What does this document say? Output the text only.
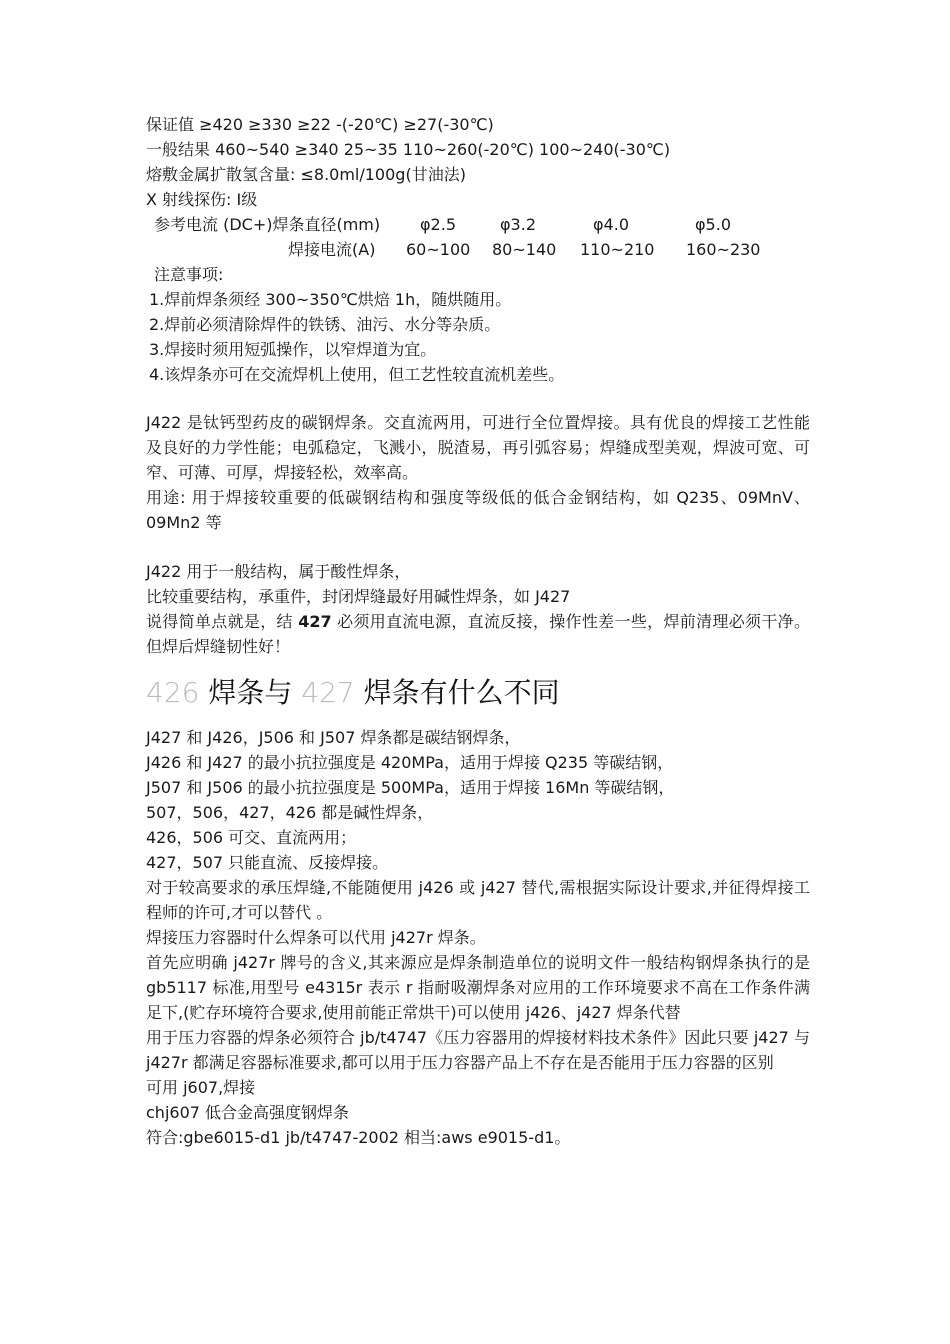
保证值 ≥420 ≥330 ≥22 -(-20℃) ≥27(-30℃)
一般结果 460~540 ≥340 25~35 110~260(-20℃) 100~240(-30℃)
熔敷金属扩散氢含量: ≤8.0ml/100g(甘油法)
X 射线探伤: Ⅰ级
参考电流 (DC+)焊条直径(mm)	φ2.5	φ3.2	φ4.0	φ5.0
焊接电流(A)	60~100	80~140	110~210	160~230
注意事项:
1.焊前焊条须经 300~350℃烘焙 1h，随烘随用。
2.焊前必须清除焊件的铁锈、油污、水分等杂质。
3.焊接时须用短弧操作，以窄焊道为宜。
4.该焊条亦可在交流焊机上使用，但工艺性较直流机差些。
J422 是钛钙型药皮的碳钢焊条。交直流两用，可进行全位置焊接。具有优良的焊接工艺性能及良好的力学性能；电弧稳定，飞溅小，脱渣易，再引弧容易；焊缝成型美观，焊波可宽、可窄、可薄、可厚，焊接轻松，效率高。
用途: 用于焊接较重要的低碳钢结构和强度等级低的低合金钢结构，如 Q235、09MnV、09Mn2 等
J422 用于一般结构，属于酸性焊条，
比较重要结构，承重件，封闭焊缝最好用碱性焊条，如 J427
说得简单点就是，结 427 必须用直流电源，直流反接，操作性差一些，焊前清理必须干净。但焊后焊缝韧性好！
426 焊条与 427 焊条有什么不同
J427 和 J426，J506 和 J507 焊条都是碳结钢焊条，
J426 和 J427 的最小抗拉强度是 420MPa，适用于焊接 Q235 等碳结钢，
J507 和 J506 的最小抗拉强度是 500MPa，适用于焊接 16Mn 等碳结钢，
507，506，427，426 都是碱性焊条，
426，506 可交、直流两用；
427，507 只能直流、反接焊接。
对于较高要求的承压焊缝,不能随便用 j426 或 j427 替代,需根据实际设计要求,并征得焊接工程师的许可,才可以替代 。
焊接压力容器时什么焊条可以代用 j427r 焊条。
首先应明确 j427r 牌号的含义,其来源应是焊条制造单位的说明文件一般结构钢焊条执行的是 gb5117 标准,用型号 e4315r 表示 r 指耐吸潮焊条对应用的工作环境要求不高在工作条件满足下,(贮存环境符合要求,使用前能正常烘干)可以使用 j426、j427 焊条代替
用于压力容器的焊条必须符合 jb/t4747《压力容器用的焊接材料技术条件》因此只要 j427 与 j427r 都满足容器标准要求,都可以用于压力容器产品上不存在是否能用于压力容器的区别
可用 j607,焊接
chj607 低合金高强度钢焊条
符合:gbe6015-d1 jb/t4747-2002 相当:aws e9015-d1。
